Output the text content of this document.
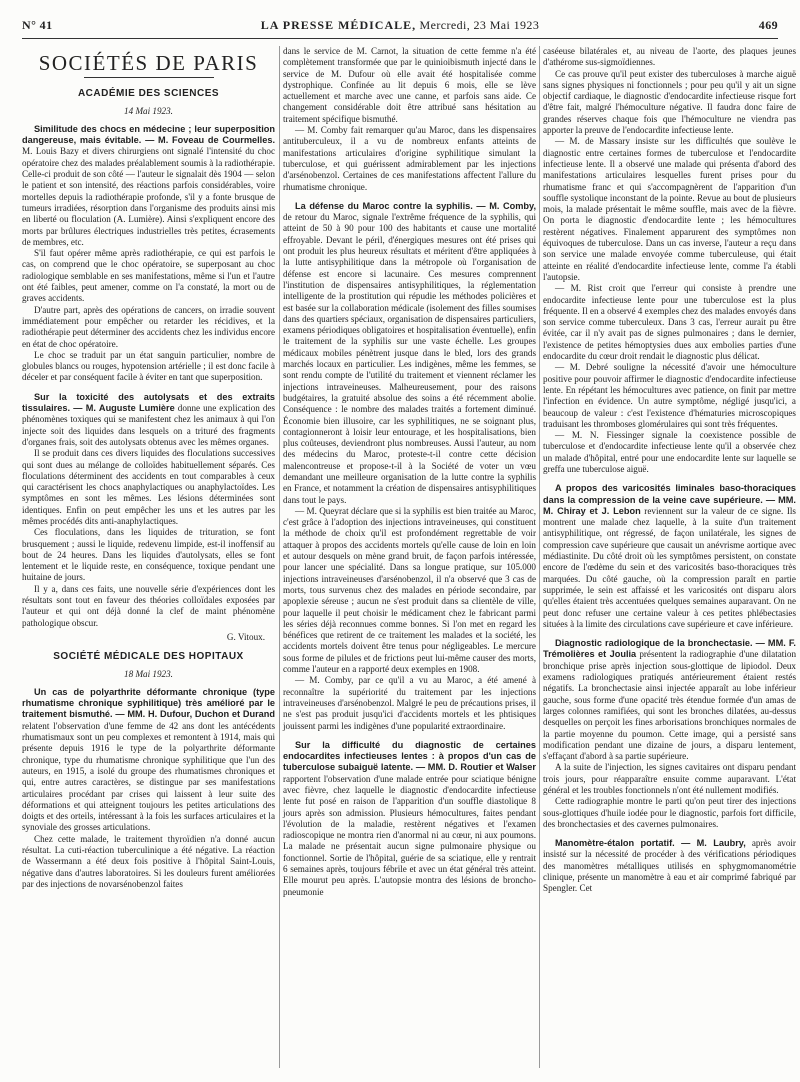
N° 41	LA PRESSE MÉDICALE, Mercredi, 23 Mai 1923	469
SOCIÉTÉS DE PARIS
ACADÉMIE DES SCIENCES
14 Mai 1923.

Similitude des chocs en médecine ; leur superposition dangereuse, mais évitable. — M. Foveau de Courmelles. M. Louis Bazy et divers chirurgiens ont signalé l'intensité du choc opératoire chez des malades préalablement soumis à la radiothérapie. Celle-ci produit de son côté — l'auteur le signalait dès 1904 — selon le patient et son intensité, des réactions parfois considérables, voire mortelles depuis la radiothérapie profonde, s'il y a fonte brusque de tumeurs irradiées, résorption dans l'organisme des produits ainsi mis en liberté ou floculation (A. Lumière). Ainsi s'expliquent encore des morts par brûlures électriques industrielles très petites, écrasements de membres, etc.

S'il faut opérer même après radiothérapie, ce qui est parfois le cas, on comprend que le choc opératoire, se superposant au choc radiologique semblable en ses manifestations, même si l'un et l'autre ont été faibles, peut amener, comme on l'a constaté, la mort ou de graves accidents.

D'autre part, après des opérations de cancers, on irradie souvent immédiatement pour empêcher ou retarder les récidives, et la radiothérapie peut déterminer des accidents chez les individus encore en état de choc opératoire.

Le choc se traduit par un état sanguin particulier, nombre de globules blancs ou rouges, hypotension artérielle ; il est donc facile à déceler et par conséquent facile à éviter en tant que superposition.

Sur la toxicité des autolysats et des extraits tissulaires. — M. Auguste Lumière donne une explication des phénomènes toxiques qui se manifestent chez les animaux à qui l'on injecte soit des liquides dans lesquels on a trituré des fragments d'organes frais, soit des autolysats obtenus avec les mêmes organes.

Il se produit dans ces divers liquides des floculations successives qui sont dues au mélange de colloïdes habituellement séparés. Ces floculations déterminent des accidents en tout comparables à ceux qui caractérisent les chocs anaphylactiques ou anaphylactoïdes. Les symptômes en sont les mêmes. Les lésions déterminées sont identiques. Enfin on peut empêcher les uns et les autres par les mêmes procédés dits anti-anaphylactiques.

Ces floculations, dans les liquides de trituration, se font brusquement ; aussi le liquide, redevenu limpide, est-il inoffensif au bout de 24 heures. Dans les liquides d'autolysats, elles se font lentement et le liquide reste, en conséquence, toxique pendant une huitaine de jours.

Il y a, dans ces faits, une nouvelle série d'expériences dont les résultats sont tout en faveur des théories colloïdales exposées par l'auteur et qui ont déjà donné la clef de maint phénomène pathologique obscur.

G. Vitoux.
SOCIÉTÉ MÉDICALE DES HOPITAUX
18 Mai 1923.

Un cas de polyarthrite déformante chronique (type rhumatisme chronique syphilitique) très amélioré par le traitement bismuthé. — MM. H. Dufour, Duchon et Durand relatent l'observation d'une femme de 42 ans dont les antécédents rhumatismaux sont un peu complexes et remontent à 1914, mais qui présente depuis 1916 le type de la polyarthrite déformante chronique, type du rhumatisme chronique syphilitique que l'un des auteurs, en 1915, a isolé du groupe des rhumatismes chroniques et qui, entre autres caractères, se distingue par ses manifestations articulaires procédant par crises qui laissent à leur suite des déformations et qui atteignent toujours les petites articulations des doigts et des orteils, intéressant à la fois les surfaces articulaires et la synoviale des grosses articulations.

Chez cette malade, le traitement thyroïdien n'a donné aucun résultat. La cuti-réaction tuberculinique a été négative. La réaction de Wassermann a été deux fois positive à l'hôpital Saint-Louis, négative dans d'autres laboratoires. Si les douleurs furent améliorées par des injections de novarsénobenzol faites

dans le service de M. Carnot, la situation de cette femme n'a été complètement transformée que par le quinioibismuth injecté dans le service de M. Dufour où elle avait été hospitalisée comme dystrophique. Confinée au lit depuis 6 mois, elle se lève actuellement et marche avec une canne, et parfois sans aide. Ce changement considérable doit être attribué sans hésitation au traitement spécifique bismuthé.

— M. Comby fait remarquer qu'au Maroc, dans les dispensaires antituberculeux, il a vu de nombreux enfants atteints de manifestations articulaires d'origine syphilitique simulant la tuberculose, et qui guérissent admirablement par les injections d'arsénobenzol. Certaines de ces manifestations affectent l'allure du rhumatisme chronique.

La défense du Maroc contre la syphilis. — M. Comby, de retour du Maroc, signale l'extrême fréquence de la syphilis, qui atteint de 50 à 90 pour 100 des habitants et cause une mortalité effroyable. Devant le péril, d'énergiques mesures ont été prises qui ont produit les plus heureux résultats et méritent d'être appliquées à la lutte antisyphilitique dans la métropole où l'organisation de défense est encore si lacunaire. Ces mesures comprennent l'institution de dispensaires antisyphilitiques, la réglementation intelligente de la prostitution qui répudie les méthodes policières et est basée sur la collaboration médicale (isolement des filles soumises dans des quartiers spéciaux, organisation de dispensaires particuliers, examens périodiques obligatoires et hospitalisation éventuelle), enfin le traitement de la syphilis sur une vaste échelle. Les groupes médicaux mobiles pénètrent jusque dans le bled, lors des grands marchés locaux en particulier. Les indigènes, même les femmes, se sont rendu compte de l'utilité du traitement et viennent réclamer les injections intraveineuses. Malheureusement, pour des raisons budgétaires, la gratuité absolue des soins a été récemment abolie. Conséquence : le nombre des malades traités a fortement diminué. Économie bien illusoire, car les syphilitiques, ne se soignant plus, contagionneront à loisir leur entourage, et les hospitalisations, bien plus coûteuses, deviendront plus nombreuses. Aussi l'auteur, au nom des médecins du Maroc, proteste-t-il contre cette décision malencontreuse et propose-t-il à la Société de voter un vœu demandant une meilleure organisation de la lutte contre la syphilis en France, et notamment la création de dispensaires antisyphilitiques dans tout le pays.

— M. Queyrat déclare que si la syphilis est bien traitée au Maroc, c'est grâce à l'adoption des injections intraveineuses, qui constituent la méthode de choix qu'il est profondément regrettable de voir attaquer à propos des accidents mortels qu'elle cause de loin en loin et autour desquels on mène grand bruit, de façon parfois intéressée, pour lancer une spécialité. Dans sa longue pratique, sur 105.000 injections intraveineuses d'arsénobenzol, il n'a observé que 3 cas de morts, tous survenus chez des malades en période secondaire, par apoplexie séreuse ; aucun ne s'est produit dans sa clientèle de ville, pour laquelle il peut choisir le médicament chez le fabricant parmi les séries déjà reconnues comme bonnes. Si l'on met en regard les bénéfices que retirent de ce traitement les malades et la société, les accidents mortels doivent être tenus pour négligeables. Le mercure sous forme de pilules et de frictions peut lui-même causer des morts, comme l'auteur en a rapporté deux exemples en 1908.

— M. Comby, par ce qu'il a vu au Maroc, a été amené à reconnaître la supériorité du traitement par les injections intraveineuses d'arsénobenzol. Malgré le peu de précautions prises, il ne s'est pas produit jusqu'ici d'accidents mortels et les phtisiques jouissent parmi les indigènes d'une popularité extraordinaire.

Sur la difficulté du diagnostic de certaines endocardites infectieuses lentes : à propos d'un cas de tuberculose subaiguë latente. — MM. D. Routier et Walser rapportent l'observation d'une malade entrée pour sciatique bénigne avec fièvre, chez laquelle le diagnostic d'endocardite infectieuse lente fut posé en raison de l'apparition d'un souffle diastolique 8 jours après son admission. Plusieurs hémocultures, faites pendant l'évolution de la maladie, restèrent négatives et l'examen radioscopique ne montra rien d'anormal ni au cœur, ni aux poumons. La malade ne présentait aucun signe pulmonaire physique ou fonctionnel. Sortie de l'hôpital, guérie de sa sciatique, elle y rentrait 6 semaines après, toujours fébrile et avec un état général très atteint. Elle mourut peu après. L'autopsie montra des lésions de broncho-pneumonie

caséeuse bilatérales et, au niveau de l'aorte, des plaques jeunes d'athérome sus-sigmoïdiennes.

Ce cas prouve qu'il peut exister des tuberculoses à marche aiguë sans signes physiques ni fonctionnels ; pour peu qu'il y ait un signe objectif cardiaque, le diagnostic d'endocardite infectieuse risque fort d'être fait, malgré l'hémoculture négative. Il faudra donc faire de grandes réserves chaque fois que l'hémoculture ne viendra pas apporter la preuve de l'endocardite infectieuse lente.

— M. de Massary insiste sur les difficultés que soulève le diagnostic entre certaines formes de tuberculose et l'endocardite infectieuse lente. Il a observé une malade qui présenta d'abord des manifestations articulaires lesquelles furent prises pour du rhumatisme franc et qui s'accompagnèrent de l'apparition d'un souffle systolique inconstant de la pointe. Revue au bout de plusieurs mois, la malade présentait le même souffle, mais avec de la fièvre. On porta le diagnostic d'endocardite lente ; les hémocultures restèrent négatives. Finalement apparurent des symptômes non équivoques de tuberculose. Dans un cas inverse, l'auteur a reçu dans son service une malade envoyée comme tuberculeuse, qui était atteinte en réalité d'endocardite infectieuse lente, comme l'a établi l'autopsie.

— M. Rist croit que l'erreur qui consiste à prendre une endocardite infectieuse lente pour une tuberculose est la plus fréquente. Il en a observé 4 exemples chez des malades envoyés dans son service comme tuberculeux. Dans 3 cas, l'erreur aurait pu être évitée, car il n'y avait pas de signes pulmonaires ; dans le dernier, l'existence de petites hémoptysies dues aux embolies parties d'une endocardite du cœur droit rendait le diagnostic plus délicat.

— M. Debré souligne la nécessité d'avoir une hémoculture positive pour pouvoir affirmer le diagnostic d'endocardite infectieuse lente. En répétant les hémocultures avec patience, on finit par mettre l'infection en évidence. Un autre symptôme, négligé jusqu'ici, a beaucoup de valeur : c'est l'existence d'hématuries microscopiques traduisant les thromboses glomérulaires qui sont très fréquentes.

— M. N. Fiessinger signale la coexistence possible de tuberculose et d'endocardite infectieuse lente qu'il a observée chez un malade d'hôpital, entré pour une endocardite lente sur laquelle se greffa une tuberculose aiguë.

A propos des varicosités liminales baso-thoraciques dans la compression de la veine cave supérieure. — MM. M. Chiray et J. Lebon reviennent sur la valeur de ce signe. Ils montrent une malade chez laquelle, à la suite d'un traitement antisyphilitique, ont régressé, de façon unilatérale, les signes de compression cave supérieure que causait un anévrisme aortique avec médiastinite. Du côté droit où les symptômes persistent, on constate encore de l'œdème du sein et des varicosités baso-thoraciques très marquées. Du côté gauche, où la compression paraît en partie supprimée, le sein est affaissé et les varicosités ont disparu alors qu'elles étaient très accentuées quelques semaines auparavant. On ne peut donc refuser une certaine valeur à ces petites phlébectasies situées à la limite des circulations cave supérieure et cave inférieure.

Diagnostic radiologique de la bronchectasie. — MM. F. Trémolières et Joulia présentent la radiographie d'une dilatation bronchique prise après injection sous-glottique de lipiodol. Deux examens radiologiques pratiqués antérieurement étaient restés négatifs. La bronchectasie ainsi injectée apparaît au lobe inférieur gauche, sous forme d'une opacité très étendue formée d'un amas de larges colonnes ramifiées, qui sont les bronches dilatées, au-dessus desquelles on perçoit les fines arborisations bronchiques normales de la partie moyenne du poumon. Cette image, qui a persisté sans modification pendant une dizaine de jours, a disparu lentement, s'effaçant d'abord à sa partie supérieure.

A la suite de l'injection, les signes cavitaires ont disparu pendant trois jours, pour réapparaître ensuite comme auparavant. L'état général et les troubles fonctionnels n'ont été nullement modifiés.

Cette radiographie montre le parti qu'on peut tirer des injections sous-glottiques d'huile iodée pour le diagnostic, parfois fort difficile, des bronchectasies et des cavernes pulmonaires.

Manomètre-étalon portatif. — M. Laubry, après avoir insisté sur la nécessité de procéder à des vérifications périodiques des manomètres métalliques utilisés en sphygmomanométrie clinique, présente un manomètre à eau et air comprimé fabriqué par Spengler. Cet
